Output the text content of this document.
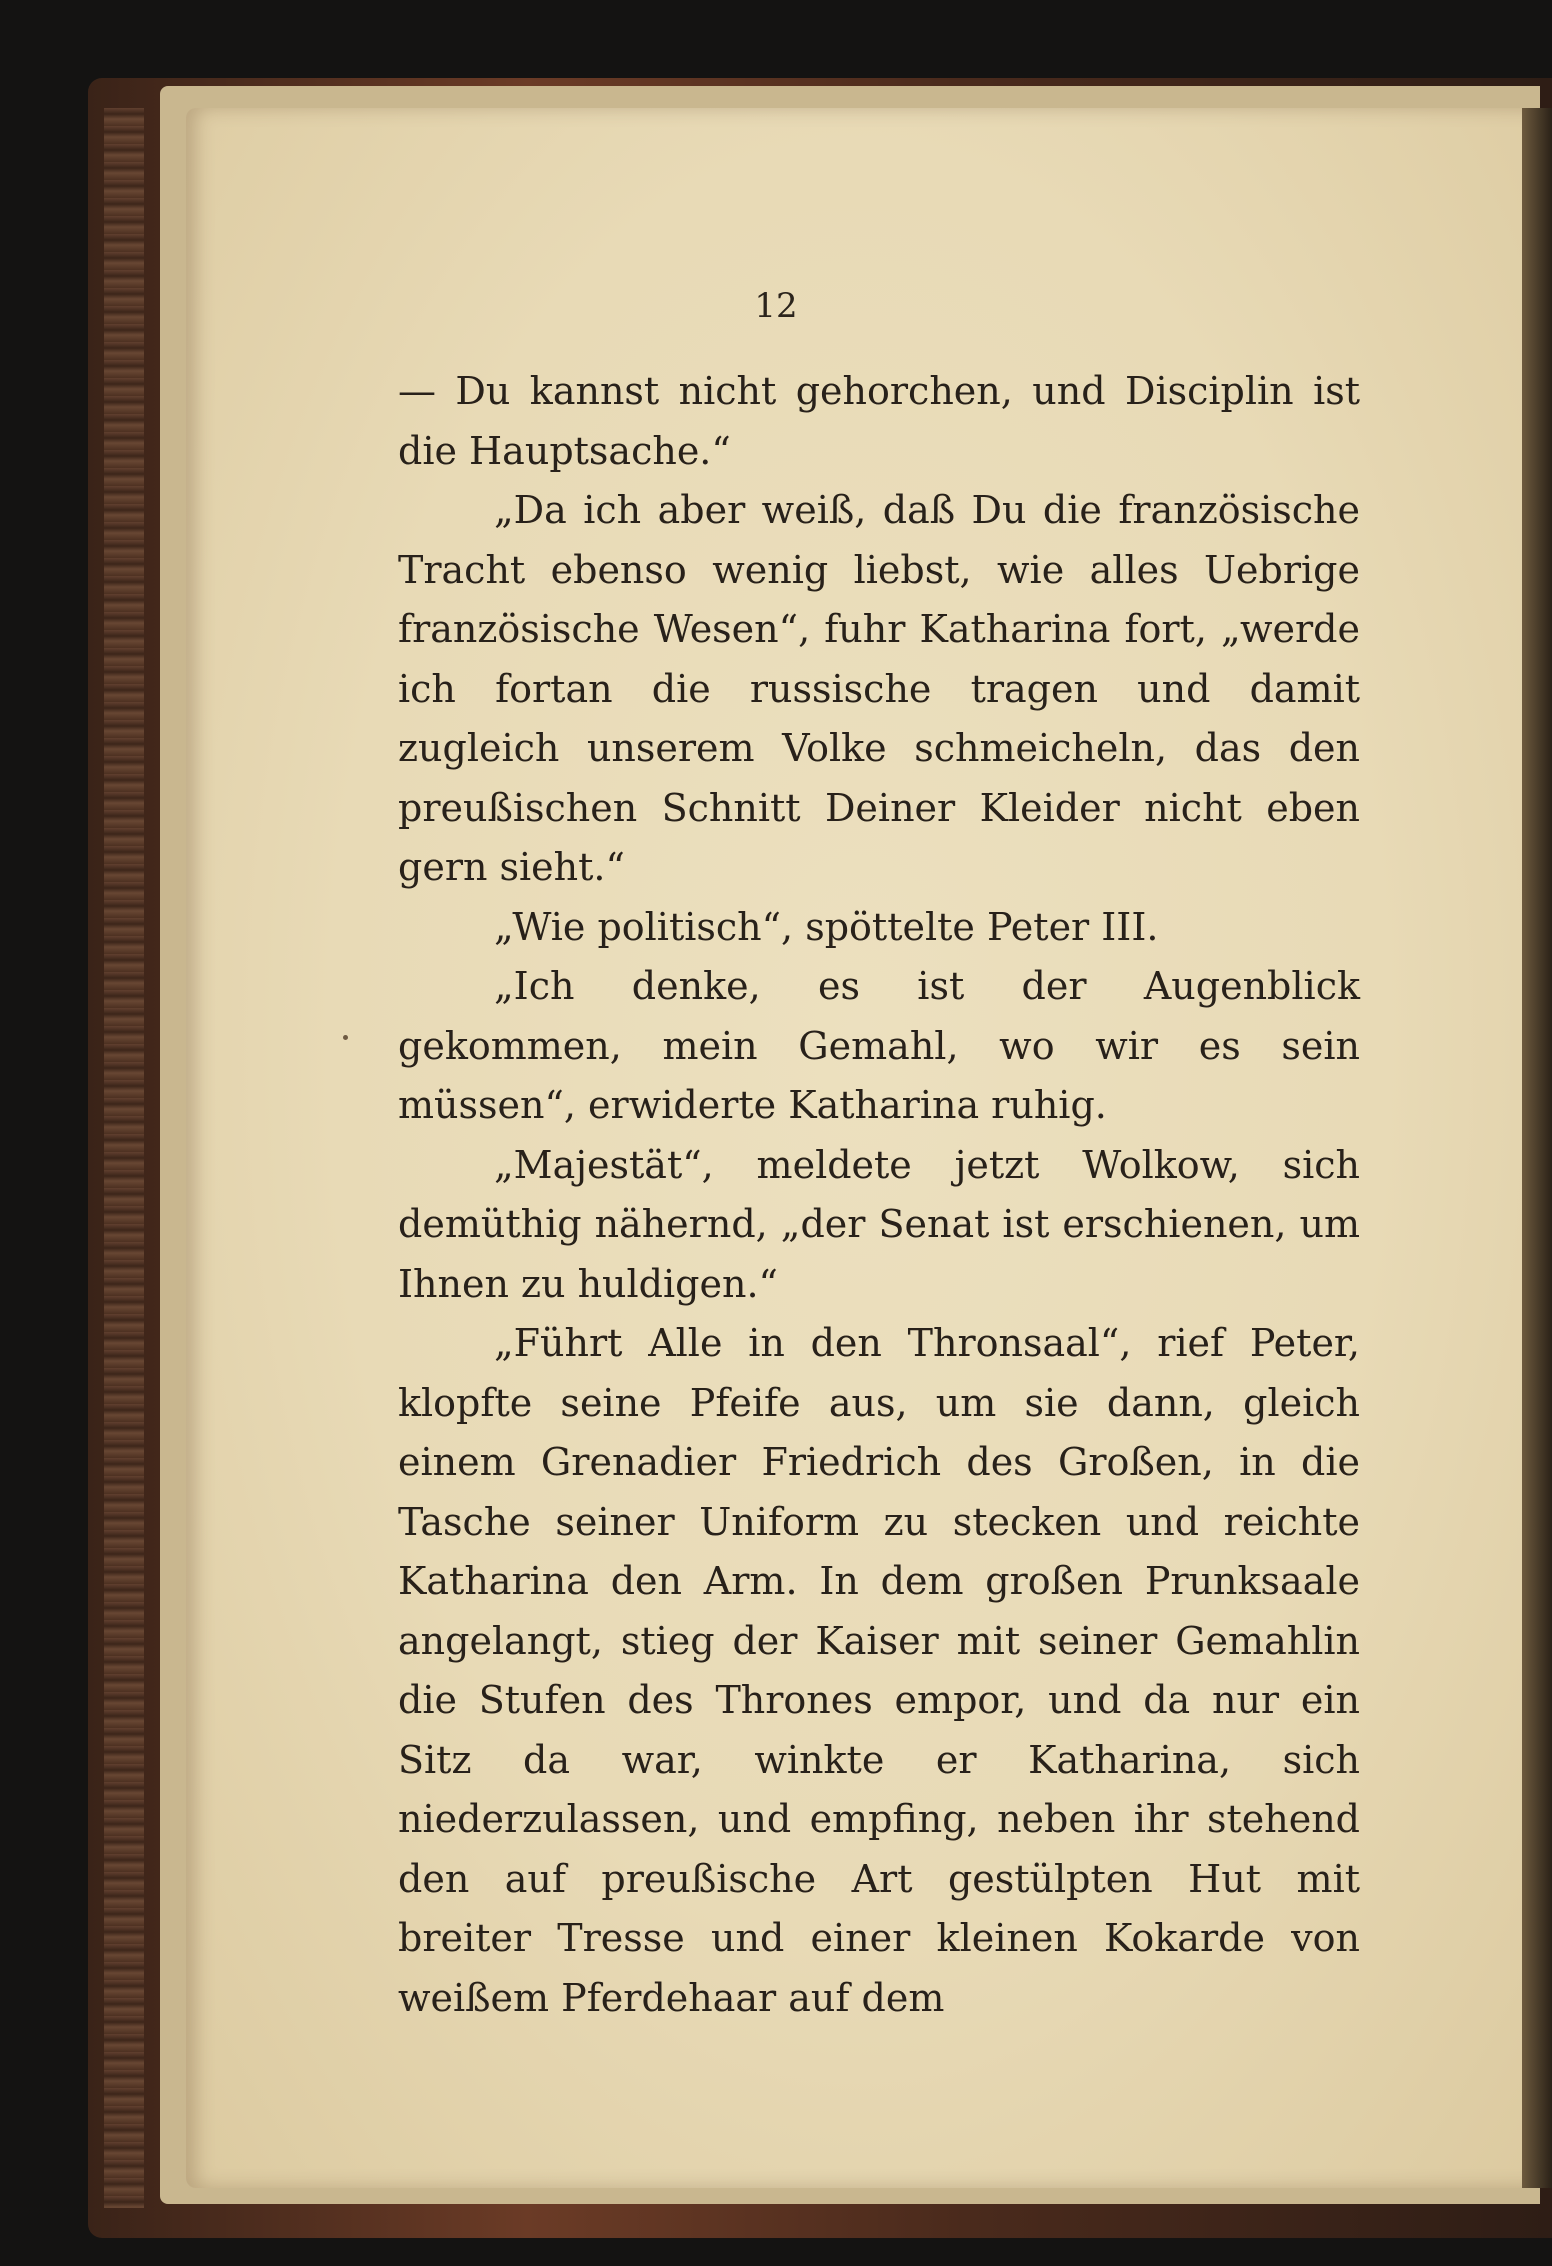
12

— Du kannst nicht gehorchen, und Disciplin ist die Hauptsache.“

„Da ich aber weiß, daß Du die französische Tracht ebenso wenig liebst, wie alles Uebrige französische Wesen“, fuhr Katharina fort, „werde ich fortan die russische tragen und damit zugleich unserem Volke schmeicheln, das den preußischen Schnitt Deiner Kleider nicht eben gern sieht.“

„Wie politisch“, spöttelte Peter III.

„Ich denke, es ist der Augenblick gekommen, mein Gemahl, wo wir es sein müssen“, erwiderte Katharina ruhig.

„Majestät“, meldete jetzt Wolkow, sich demüthig nähernd, „der Senat ist erschienen, um Ihnen zu huldigen.“

„Führt Alle in den Thronsaal“, rief Peter, klopfte seine Pfeife aus, um sie dann, gleich einem Grenadier Friedrich des Großen, in die Tasche seiner Uniform zu stecken und reichte Katharina den Arm. In dem großen Prunksaale angelangt, stieg der Kaiser mit seiner Gemahlin die Stufen des Thrones empor, und da nur ein Sitz da war, winkte er Katharina, sich niederzulassen, und empfing, neben ihr stehend den auf preußische Art gestülpten Hut mit breiter Tresse und einer kleinen Kokarde von weißem Pferdehaar auf dem
